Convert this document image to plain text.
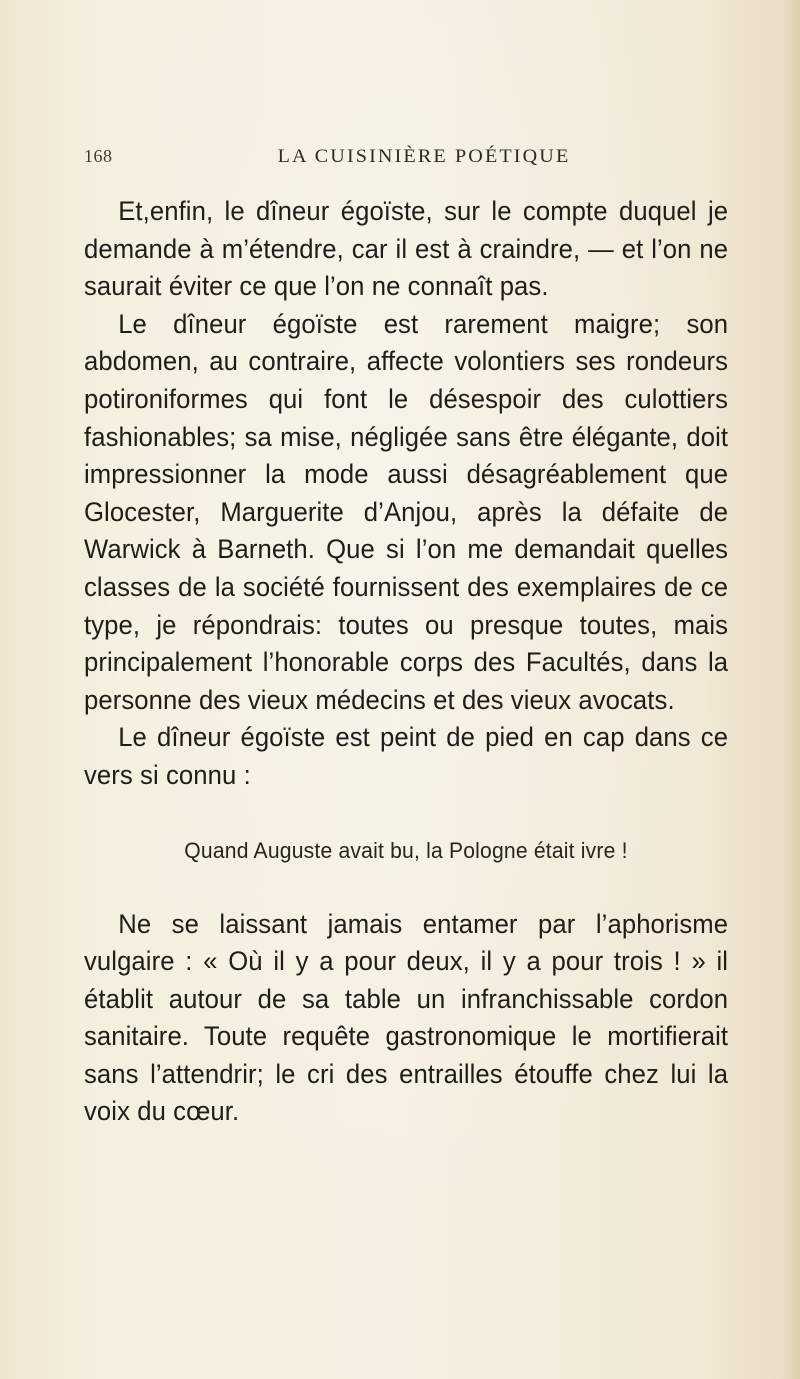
168	LA CUISINIÈRE POÉTIQUE

Et,enfin, le dîneur égoïste, sur le compte duquel je demande à m’étendre, car il est à craindre, — et l’on ne saurait éviter ce que l’on ne connaît pas.

Le dîneur égoïste est rarement maigre; son abdomen, au contraire, affecte volontiers ses rondeurs potironiformes qui font le désespoir des culottiers fashionables; sa mise, négligée sans être élégante, doit impressionner la mode aussi désagréablement que Glocester, Marguerite d’Anjou, après la défaite de Warwick à Barneth. Que si l’on me demandait quelles classes de la société fournissent des exemplaires de ce type, je répondrais: toutes ou presque toutes, mais principalement l’honorable corps des Facultés, dans la personne des vieux médecins et des vieux avocats.

Le dîneur égoïste est peint de pied en cap dans ce vers si connu :

Quand Auguste avait bu, la Pologne était ivre !

Ne se laissant jamais entamer par l’aphorisme vulgaire : « Où il y a pour deux, il y a pour trois ! » il établit autour de sa table un infranchissable cordon sanitaire. Toute requête gastronomique le mortifierait sans l’attendrir; le cri des entrailles étouffe chez lui la voix du cœur.
